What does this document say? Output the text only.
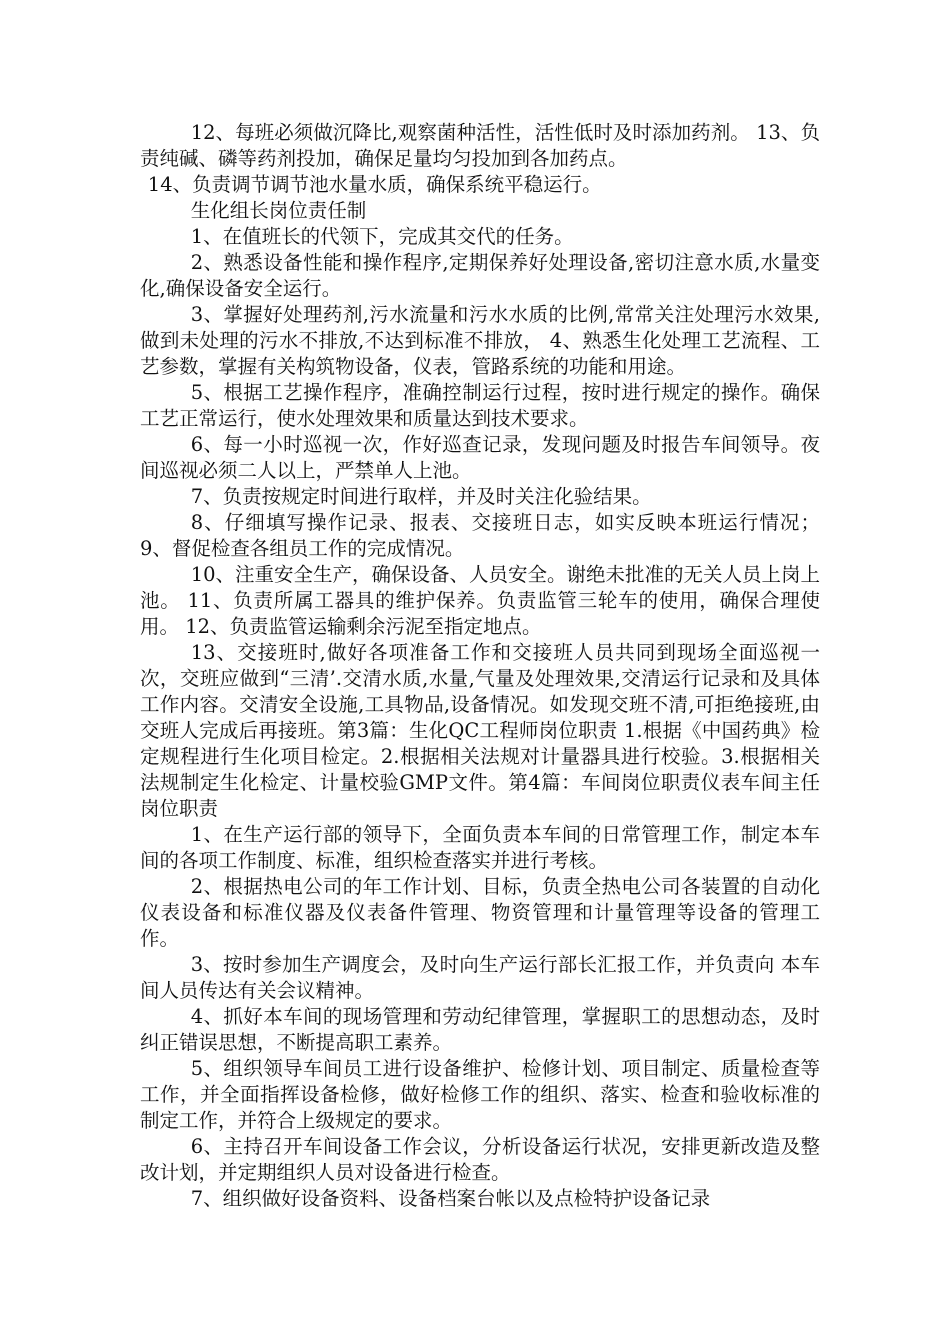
12、每班必须做沉降比,观察菌种活性，活性低时及时添加药剂。 13、负责纯碱、磷等药剂投加，确保足量均匀投加到各加药点。

14、负责调节调节池水量水质，确保系统平稳运行。

生化组长岗位责任制

1、在值班长的代领下，完成其交代的任务。

2、熟悉设备性能和操作程序,定期保养好处理设备,密切注意水质,水量变化,确保设备安全运行。

3、掌握好处理药剂,污水流量和污水水质的比例,常常关注处理污水效果,做到未处理的污水不排放,不达到标准不排放， 4、熟悉生化处理工艺流程、工艺参数，掌握有关构筑物设备，仪表，管路系统的功能和用途。

5、根据工艺操作程序，准确控制运行过程，按时进行规定的操作。确保工艺正常运行，使水处理效果和质量达到技术要求。

6、每一小时巡视一次，作好巡查记录，发现问题及时报告车间领导。夜间巡视必须二人以上，严禁单人上池。

7、负责按规定时间进行取样，并及时关注化验结果。

8、仔细填写操作记录、报表、交接班日志，如实反映本班运行情况； 9、督促检查各组员工作的完成情况。

10、注重安全生产，确保设备、人员安全。谢绝未批准的无关人员上岗上池。 11、负责所属工器具的维护保养。负责监管三轮车的使用，确保合理使用。 12、负责监管运输剩余污泥至指定地点。

13、交接班时,做好各项准备工作和交接班人员共同到现场全面巡视一次，交班应做到“三清’.交清水质,水量,气量及处理效果,交清运行记录和及具体工作内容。交清安全设施,工具物品,设备情况。如发现交班不清,可拒绝接班,由交班人完成后再接班。第3篇：生化QC工程师岗位职责 1.根据《中国药典》检定规程进行生化项目检定。2.根据相关法规对计量器具进行校验。3.根据相关法规制定生化检定、计量校验GMP文件。第4篇：车间岗位职责仪表车间主任岗位职责

1、在生产运行部的领导下，全面负责本车间的日常管理工作，制定本车间的各项工作制度、标准，组织检查落实并进行考核。

2、根据热电公司的年工作计划、目标，负责全热电公司各装置的自动化仪表设备和标准仪器及仪表备件管理、物资管理和计量管理等设备的管理工作。

3、按时参加生产调度会，及时向生产运行部长汇报工作，并负责向 本车间人员传达有关会议精神。

4、抓好本车间的现场管理和劳动纪律管理，掌握职工的思想动态，及时纠正错误思想，不断提高职工素养。

5、组织领导车间员工进行设备维护、检修计划、项目制定、质量检查等工作，并全面指挥设备检修，做好检修工作的组织、落实、检查和验收标准的制定工作，并符合上级规定的要求。

6、主持召开车间设备工作会议，分析设备运行状况，安排更新改造及整改计划，并定期组织人员对设备进行检查。

7、组织做好设备资料、设备档案台帐以及点检特护设备记录
